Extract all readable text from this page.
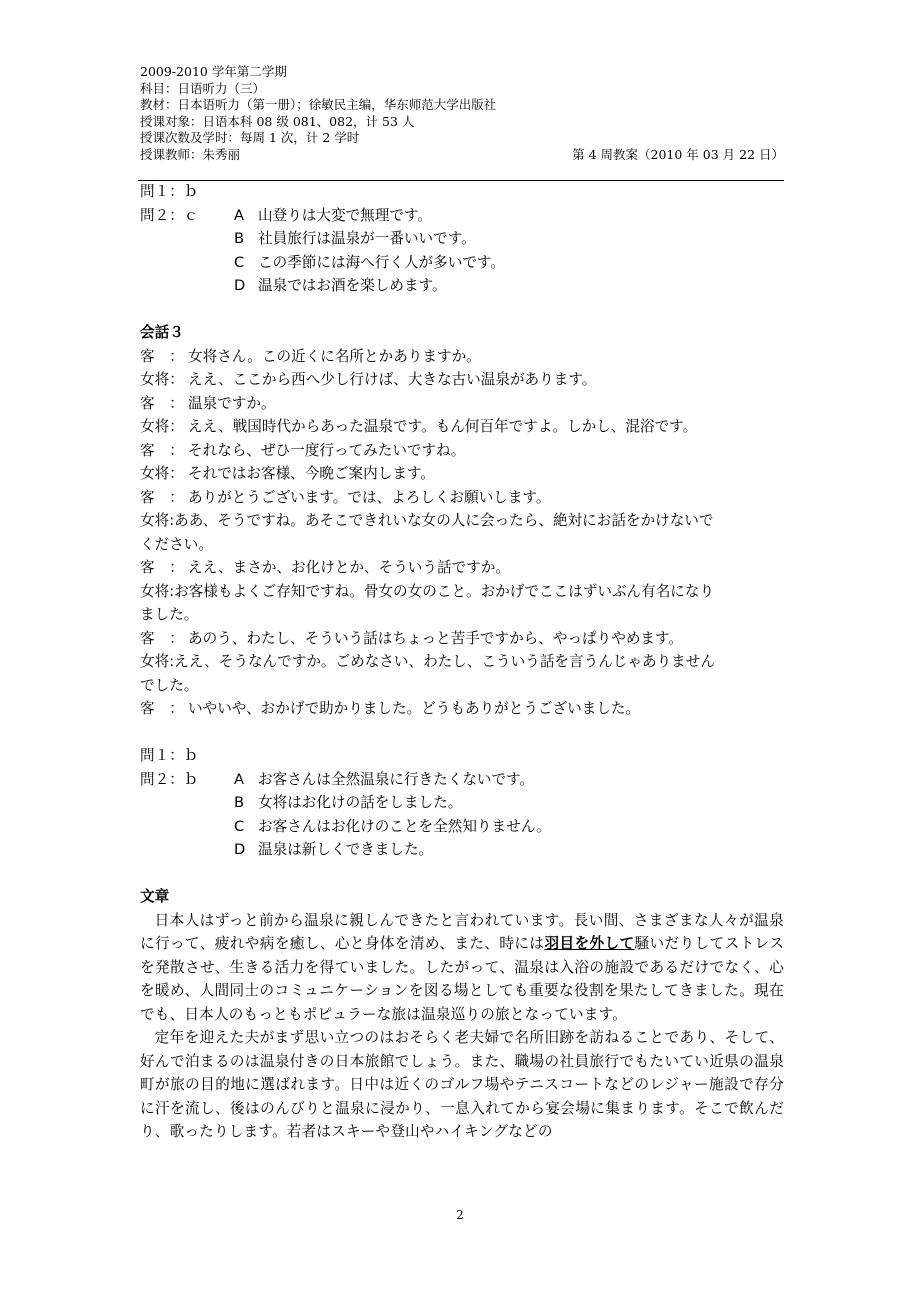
2009-2010 学年第二学期
科目：日语听力（三）
教材：日本语听力（第一册）；徐敏民主编，华东师范大学出版社
授课对象：日语本科 08 级 081、082，计 53 人
授课次数及学时：每周 1 次，计 2 学时
授课教师：朱秀丽	第 4 周教案（2010 年 03 月 22 日）
問１：ｂ
問２：ｃ	A 山登りは大変で無理です。
B 社員旅行は温泉が一番いいです。
C この季節には海へ行く人が多いです。
D 温泉ではお酒を楽しめます。
会話３
客　： 女将さん。この近くに名所とかありますか。
女将： ええ、ここから西へ少し行けば、大きな古い温泉があります。
客　： 温泉ですか。
女将： ええ、戦国時代からあった温泉です。もん何百年ですよ。しかし、混浴です。
客　： それなら、ぜひ一度行ってみたいですね。
女将： それではお客様、今晩ご案内します。
客　： ありがとうございます。では、よろしくお願いします。
女将:ああ、そうですね。あそこできれいな女の人に会ったら、絶対にお話をかけないで
ください。
客　： ええ、まさか、お化けとか、そういう話ですか。
女将:お客様もよくご存知ですね。骨女の女のこと。おかげでここはずいぶん有名になり
ました。
客　： あのう、わたし、そういう話はちょっと苦手ですから、やっぱりやめます。
女将:ええ、そうなんですか。ごめなさい、わたし、こういう話を言うんじゃありません
でした。
客　： いやいや、おかげで助かりました。どうもありがとうございました。
問１：ｂ
問２：ｂ	A お客さんは全然温泉に行きたくないです。
B 女将はお化けの話をしました。
C お客さんはお化けのことを全然知りません。
D 温泉は新しくできました。
文章
日本人はずっと前から温泉に親しんできたと言われています。長い間、さまざまな人々が温泉に行って、疲れや病を癒し、心と身体を清め、また、時には羽目を外して騒いだりしてストレスを発散させ、生きる活力を得ていました。したがって、温泉は入浴の施設であるだけでなく、心を暖め、人間同士のコミュニケーションを図る場としても重要な役割を果たしてきました。現在でも、日本人のもっともポピュラーな旅は温泉巡りの旅となっています。
定年を迎えた夫がまず思い立つのはおそらく老夫婦で名所旧跡を訪ねることであり、そして、好んで泊まるのは温泉付きの日本旅館でしょう。また、職場の社員旅行でもたいてい近県の温泉町が旅の目的地に選ばれます。日中は近くのゴルフ場やテニスコートなどのレジャー施設で存分に汗を流し、後はのんびりと温泉に浸かり、一息入れてから宴会場に集まります。そこで飲んだり、歌ったりします。若者はスキーや登山やハイキングなどの
2
